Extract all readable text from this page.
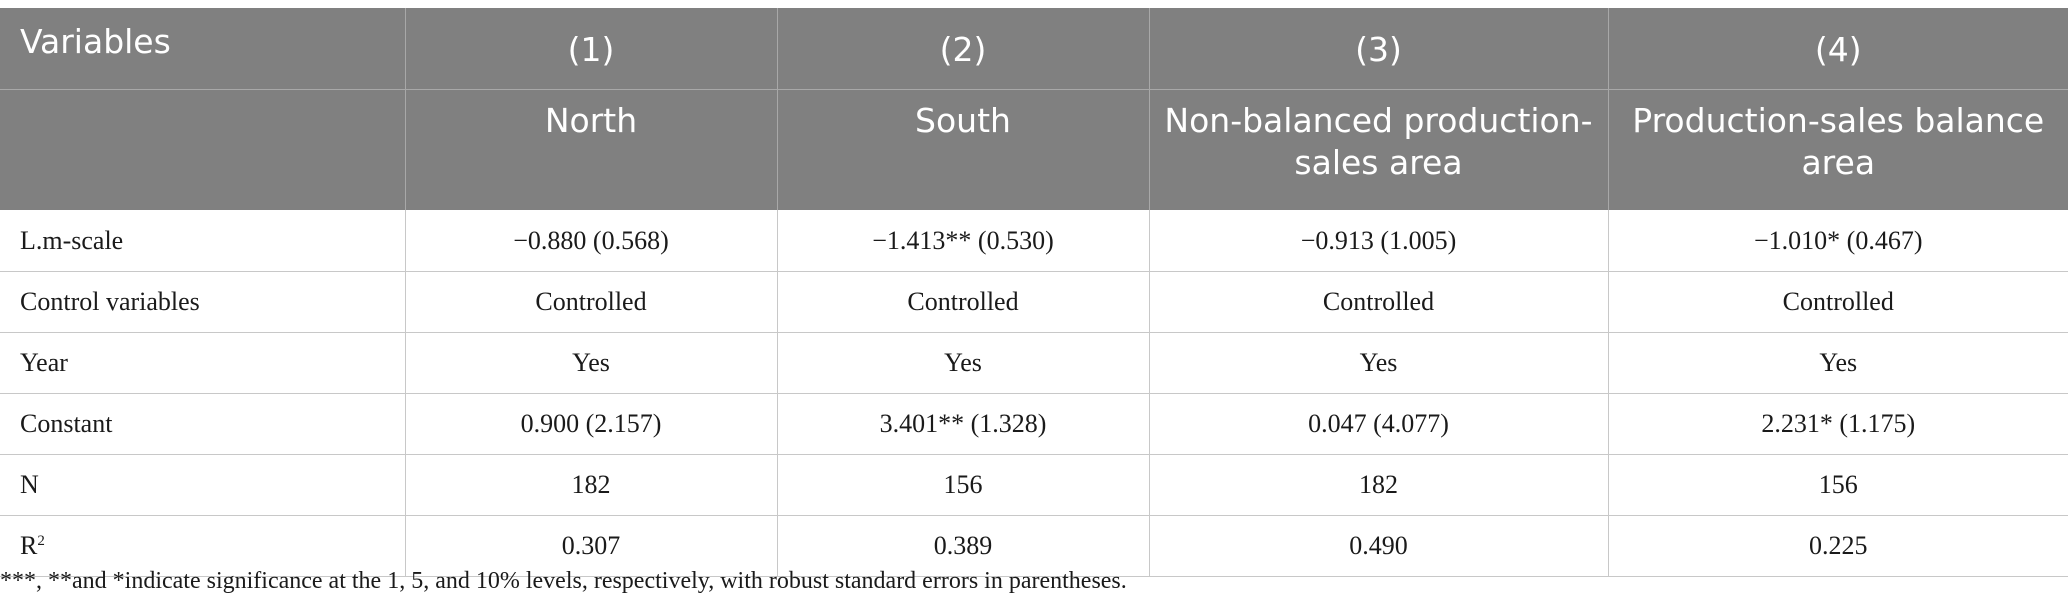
Variables	(1)	(2)	(3)	(4)
	North	South	Non-balanced production-sales area	Production-sales balance area
L.m-scale	−0.880 (0.568)	−1.413** (0.530)	−0.913 (1.005)	−1.010* (0.467)
Control variables	Controlled	Controlled	Controlled	Controlled
Year	Yes	Yes	Yes	Yes
Constant	0.900 (2.157)	3.401** (1.328)	0.047 (4.077)	2.231* (1.175)
N	182	156	182	156
$R^2$	0.307	0.389	0.490	0.225
***, **and *indicate significance at the 1, 5, and 10% levels, respectively, with robust standard errors in parentheses.
